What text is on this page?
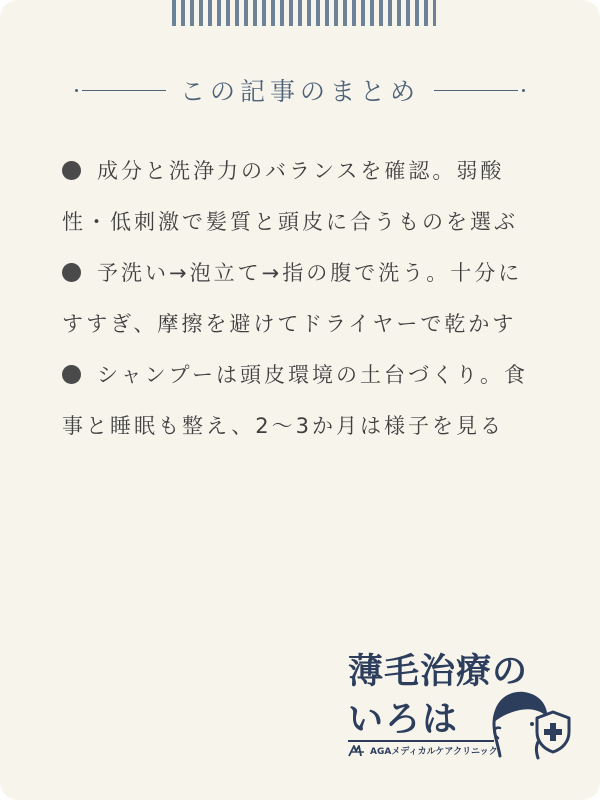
この記事のまとめ
成分と洗浄力のバランスを確認。弱酸性・低刺激で髪質と頭皮に合うものを選ぶ
予洗い→泡立て→指の腹で洗う。十分にすすぎ、摩擦を避けてドライヤーで乾かす
シャンプーは頭皮環境の土台づくり。食事と睡眠も整え、2〜3か月は様子を見る
薄毛治療の
いろは
AGAメディカルケアクリニック
